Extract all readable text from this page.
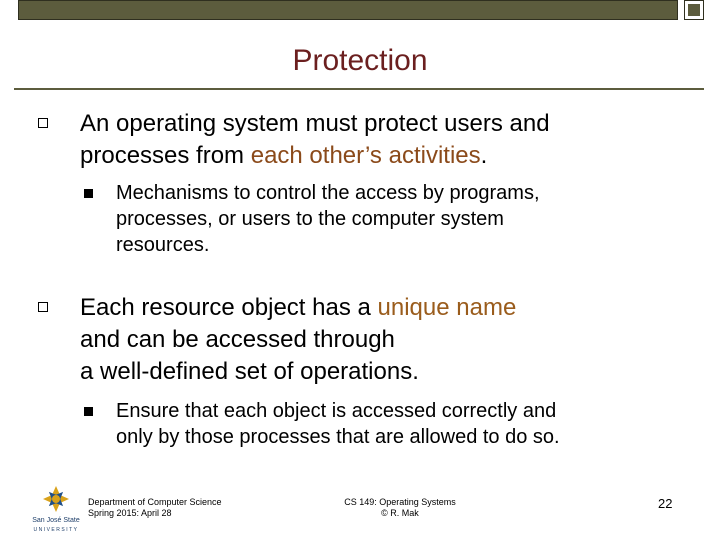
Protection
An operating system must protect users and
processes from each other’s activities.
Mechanisms to control the access by programs,
processes, or users to the computer system
resources.
Each resource object has a unique name
and can be accessed through
a well-defined set of operations.
Ensure that each object is accessed correctly and
only by those processes that are allowed to do so.
San José State
UNIVERSITY
Department of Computer Science
Spring 2015: April 28
CS 149: Operating Systems
© R. Mak
22
